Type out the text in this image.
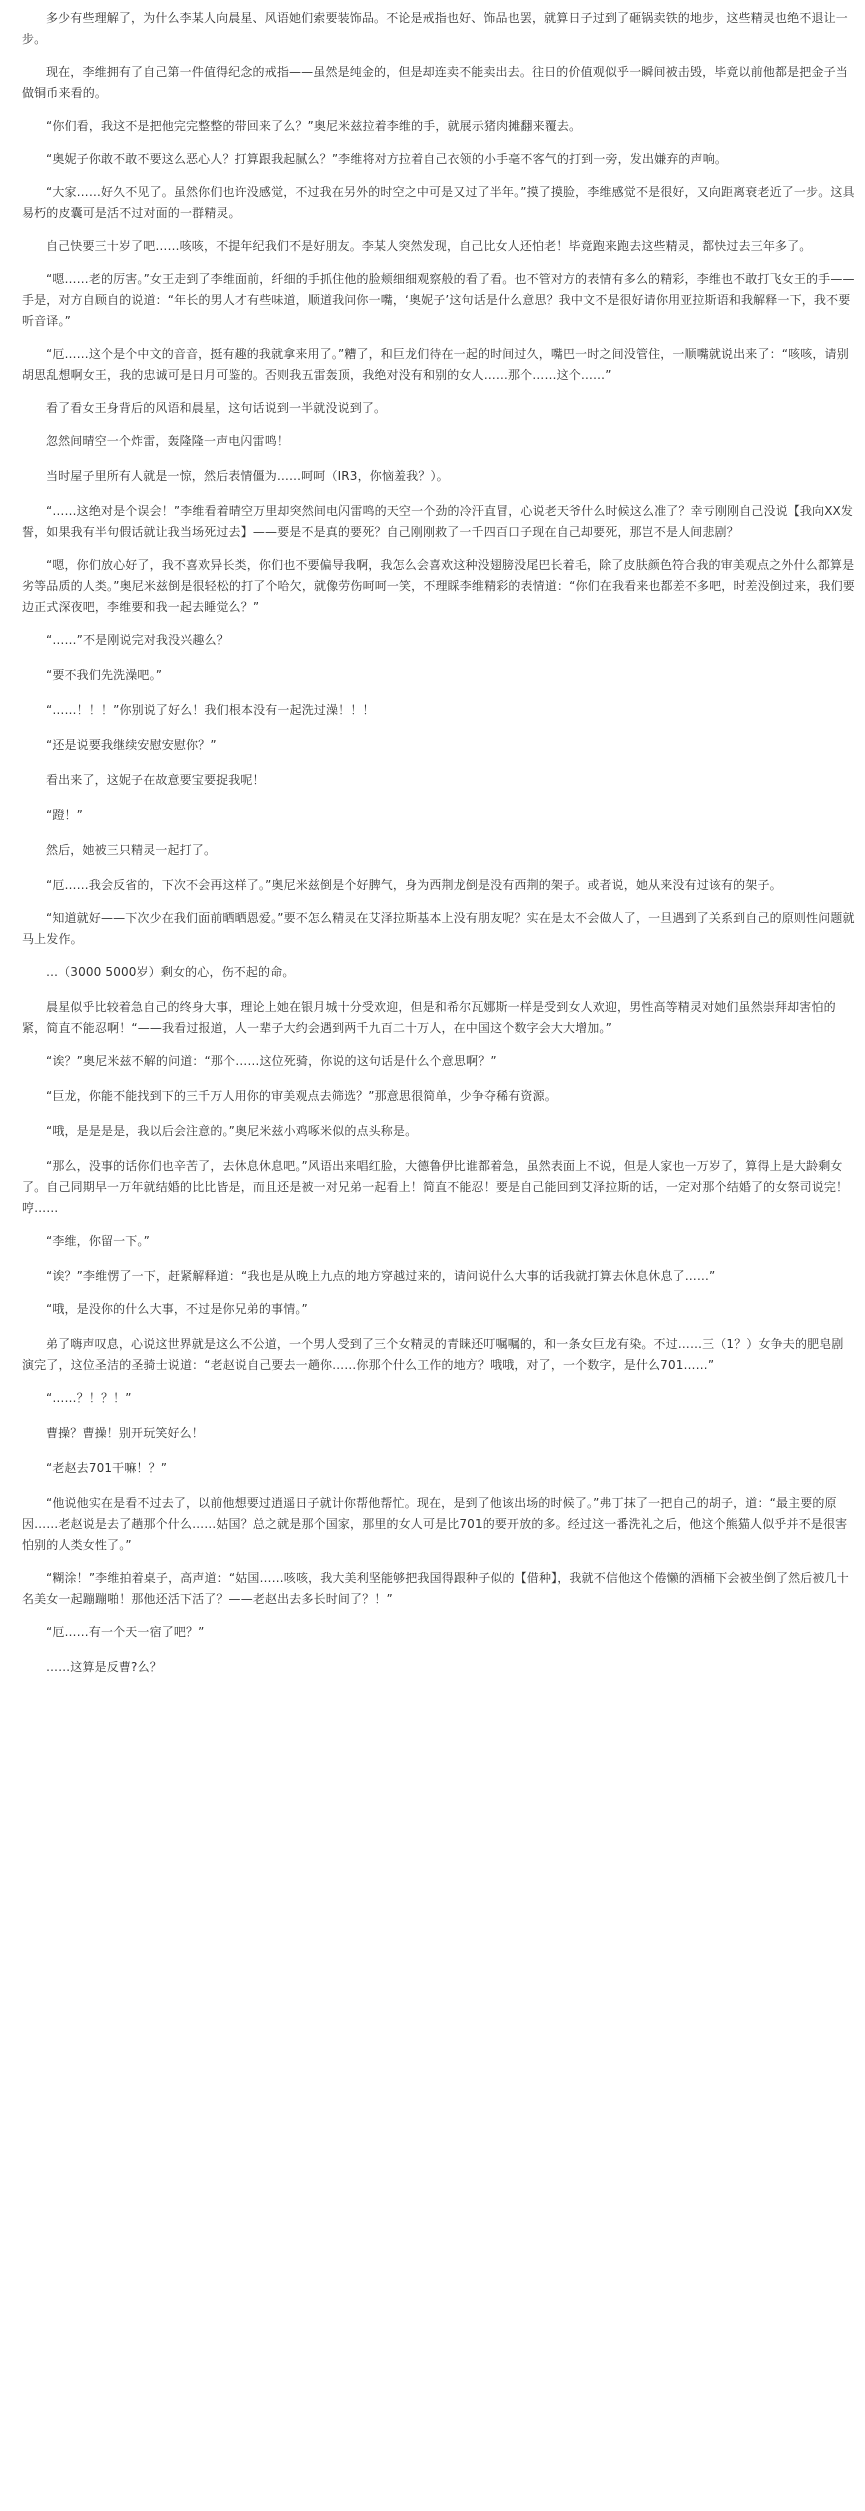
多少有些理解了，为什么李某人向晨星、风语她们索要装饰品。不论是戒指也好、饰品也罢，就算日子过到了砸锅卖铁的地步，这些精灵也绝不退让一步。

现在，李维拥有了自己第一件值得纪念的戒指——虽然是纯金的，但是却连卖不能卖出去。往日的价值观似乎一瞬间被击毁，毕竟以前他都是把金子当做铜币来看的。

“你们看，我这不是把他完完整整的带回来了么？”奥尼米兹拉着李维的手，就展示猪肉摊翻来覆去。

“奥妮子你敢不敢不要这么恶心人？打算跟我起腻么？”李维将对方拉着自己衣领的小手毫不客气的打到一旁，发出嫌弃的声响。

“大家……好久不见了。虽然你们也许没感觉，不过我在另外的时空之中可是又过了半年。”摸了摸脸，李维感觉不是很好，又向距离衰老近了一步。这具易朽的皮囊可是活不过对面的一群精灵。

自己快要三十岁了吧……咳咳，不提年纪我们不是好朋友。李某人突然发现，自己比女人还怕老！毕竟跑来跑去这些精灵，都快过去三年多了。

“嗯……老的厉害。”女王走到了李维面前，纤细的手抓住他的脸颊细细观察般的看了看。也不管对方的表情有多么的精彩，李维也不敢打飞女王的手——手是，对方自顾自的说道：“年长的男人才有些味道，顺道我问你一嘴，‘奥妮子’这句话是什么意思？我中文不是很好请你用亚拉斯语和我解释一下，我不要听音译。”

“厄……这个是个中文的音音，挺有趣的我就拿来用了。”糟了，和巨龙们待在一起的时间过久，嘴巴一时之间没管住，一顺嘴就说出来了：“咳咳，请别胡思乱想啊女王，我的忠诚可是日月可鉴的。否则我五雷轰顶，我绝对没有和别的女人……那个……这个……”

看了看女王身背后的风语和晨星，这句话说到一半就没说到了。

忽然间晴空一个炸雷，轰隆隆一声电闪雷鸣！

当时屋子里所有人就是一惊，然后表情僵为……呵呵（IR3，你恼羞我？）。

“……这绝对是个误会！”李维看着晴空万里却突然间电闪雷鸣的天空一个劲的冷汗直冒，心说老天爷什么时候这么准了？幸亏刚刚自己没说【我向XX发誓，如果我有半句假话就让我当场死过去】——要是不是真的要死？自己刚刚救了一千四百口子现在自己却要死，那岂不是人间悲剧？

“嗯，你们放心好了，我不喜欢异长类，你们也不要偏导我啊，我怎么会喜欢这种没翅膀没尾巴长着毛，除了皮肤颜色符合我的审美观点之外什么都算是劣等品质的人类。”奥尼米兹倒是很轻松的打了个哈欠，就像劳伤呵呵一笑，不理睬李维精彩的表情道：“你们在我看来也都差不多吧，时差没倒过来，我们要边正式深夜吧，李维要和我一起去睡觉么？”

“……”不是刚说完对我没兴趣么？

“要不我们先洗澡吧。”

“……！！！”你别说了好么！我们根本没有一起洗过澡！！！

“还是说要我继续安慰安慰你？”

看出来了，这妮子在故意要宝要捉我呢！

“蹬！”

然后，她被三只精灵一起打了。

“厄……我会反省的，下次不会再这样了。”奥尼米兹倒是个好脾气，身为西荆龙倒是没有西荆的架子。或者说，她从来没有过该有的架子。

“知道就好——下次少在我们面前晒晒恩爱。”要不怎么精灵在艾泽拉斯基本上没有朋友呢？实在是太不会做人了，一旦遇到了关系到自己的原则性问题就马上发作。

…（3000 5000岁）剩女的心，伤不起的命。

晨星似乎比较着急自己的终身大事，理论上她在银月城十分受欢迎，但是和希尔瓦娜斯一样是受到女人欢迎，男性高等精灵对她们虽然崇拜却害怕的紧，简直不能忍啊！“——我看过报道，人一辈子大约会遇到两千九百二十万人，在中国这个数字会大大增加。”

“诶？”奥尼米兹不解的问道：“那个……这位死骑，你说的这句话是什么个意思啊？”

“巨龙，你能不能找到下的三千万人用你的审美观点去筛选？”那意思很简单，少争夺稀有资源。

“哦，是是是是，我以后会注意的。”奥尼米兹小鸡啄米似的点头称是。

“那么，没事的话你们也辛苦了，去休息休息吧。”风语出来唱红脸，大德鲁伊比谁都着急，虽然表面上不说，但是人家也一万岁了，算得上是大龄剩女了。自己同期早一万年就结婚的比比皆是，而且还是被一对兄弟一起看上！简直不能忍！要是自己能回到艾泽拉斯的话，一定对那个结婚了的女祭司说完！哼……

“李维，你留一下。”

“诶？”李维愣了一下，赶紧解释道：“我也是从晚上九点的地方穿越过来的，请问说什么大事的话我就打算去休息休息了……”

“哦，是没你的什么大事，不过是你兄弟的事情。”

弟了嗨声叹息，心说这世界就是这么不公道，一个男人受到了三个女精灵的青睐还叮嘱嘱的，和一条女巨龙有染。不过……三（1？）女争夫的肥皂剧演完了，这位圣洁的圣骑士说道：“老赵说自己要去一趟你……你那个什么工作的地方？哦哦，对了，一个数字，是什么701……”

“……？！？！”

曹操？曹操！别开玩笑好么！

“老赵去701干嘛！？”

“他说他实在是看不过去了，以前他想要过逍遥日子就计你帮他帮忙。现在，是到了他该出场的时候了。”弗丁抹了一把自己的胡子，道：“最主要的原因……老赵说是去了趟那个什么……姑国？总之就是那个国家，那里的女人可是比701的要开放的多。经过这一番洗礼之后，他这个熊猫人似乎并不是很害怕别的人类女性了。”

“糊涂！”李维拍着桌子，高声道：“姑国……咳咳，我大美利坚能够把我国得跟种子似的【借种】，我就不信他这个倦懒的酒桶下会被坐倒了然后被几十名美女一起蹦蹦啪！那他还活下活了？——老赵出去多长时间了？！”

“厄……有一个天一宿了吧？”

……这算是反曹?么？
